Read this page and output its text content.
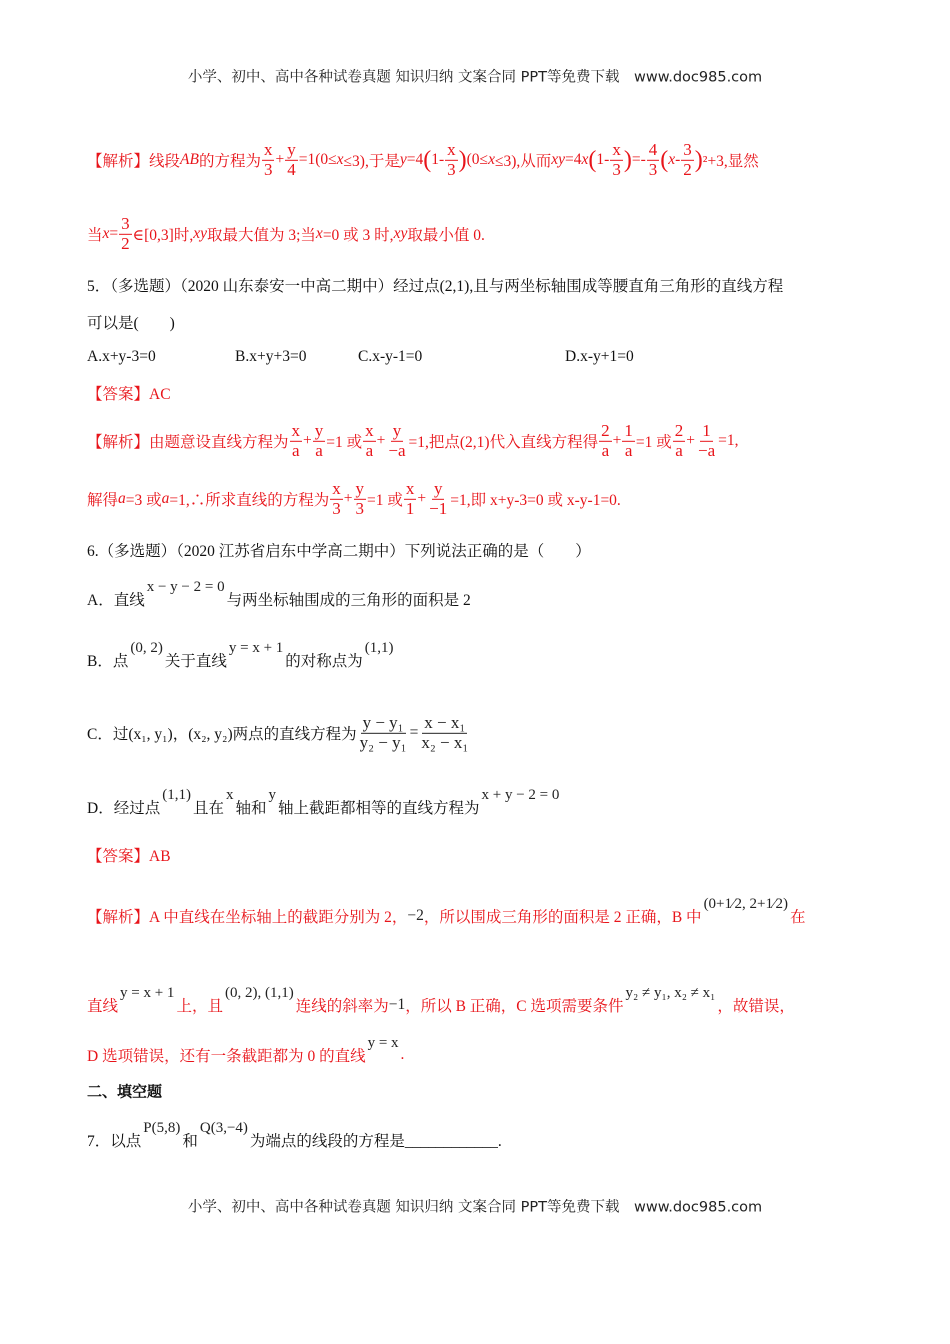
小学、初中、高中各种试卷真题 知识归纳 文案合同 PPT等免费下载　www.doc985.com
小学、初中、高中各种试卷真题 知识归纳 文案合同 PPT等免费下载　www.doc985.com
【解析】线段 AB 的方程为 $\frac{x}{3} + \frac{y}{4} =1(0\le x \le 3)$,于是 y =4 ( $1- \frac{x}{3}$ ) (0≤ x ≤3),从而 xy =4 x ( $1- \frac{x}{3}$ ) =- $\frac{4}{3}$ ( x - $\frac{3}{2}$ ) ²+3,显然
当 $x = \frac{3}{2}$ ∈[0,3]时, xy 取最大值为 3;当 x =0 或 3 时, xy 取最小值 0.
5．（多选题）（2020 山东泰安一中高二期中）经过点(2,1),且与两坐标轴围成等腰直角三角形的直线方程
可以是(　　)
A.x+y-3=0	B.x+y+3=0	C.x-y-1=0	D.x-y+1=0
【答案】AC
【解析】由题意设直线方程为 $\frac{x}{a} + \frac{y}{a} =1$ 或 $\frac{x}{a} + \frac{y}{-a} =1$,把点(2,1)代入直线方程得 $\frac{2}{a} + \frac{1}{a} =1$ 或 $\frac{2}{a} + \frac{1}{-a} =1$,
解得 a =3 或 a =1,∴所求直线的方程为 $\frac{x}{3} + \frac{y}{3} =1$ 或 $\frac{x}{1} + \frac{y}{-1} =1$,即 x+y-3=0 或 x-y-1=0.
6.（多选题）（2020 江苏省启东中学高二期中）下列说法正确的是（　　）
A．直线
x − y − 2 = 0
与两坐标轴围成的三角形的面积是 2
B．点
(0, 2)
关于直线
y = x + 1
的对称点为
(1,1)
C．过(x₁, y₁)，(x₂, y₂)两点的直线方程为 $\frac{\text{y − y₁}}{\text{y₂ − y₁}} = \frac{\text{x − x₁}}{\text{x₂ − x₁}}$
D．经过点
(1,1)
且在
x
轴和
y
轴上截距都相等的直线方程为
x + y − 2 = 0
【答案】AB
【解析】A 中直线在坐标轴上的截距分别为 2， −2 ，所以围成三角形的面积是 2 正确，B 中
(0+1⁄2, 2+1⁄2)
在
直线
y = x + 1
上，且
(0, 2), (1,1)
连线的斜率为 −1 ，所以 B 正确，C 选项需要条件
y₂ ≠ y₁, x₂ ≠ x₁
，故错误，
D 选项错误，还有一条截距都为 0 的直线
y = x
.
二、填空题
7．以点
P(5,8)
和
Q(3,−4)
为端点的线段的方程是____________.
